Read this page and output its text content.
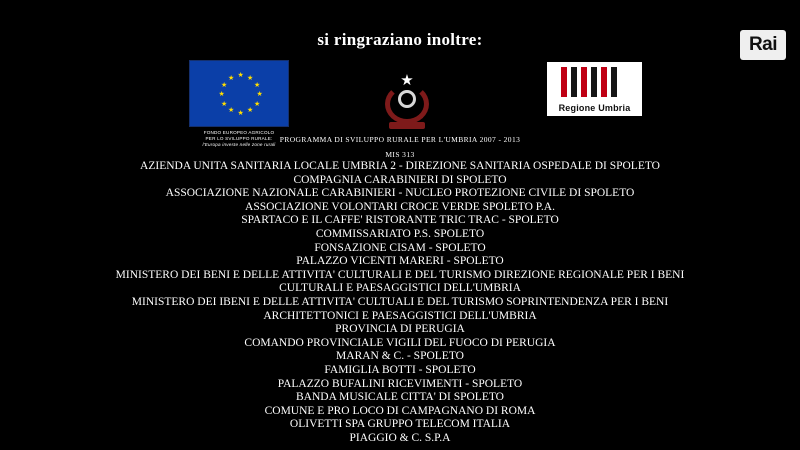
si ringraziano inoltre:
★ ★
★
★
★
★
★
★
★
★
★
★
FONDO EUROPEO AGRICOLO
PER LO SVILUPPO RURALE:
l'Europa investe nelle zone rurali
★
Regione Umbria
Rai
PROGRAMMA DI SVILUPPO RURALE PER L'UMBRIA 2007 - 2013
MIS 313
AZIENDA UNITA SANITARIA LOCALE UMBRIA 2 - DIREZIONE SANITARIA OSPEDALE DI SPOLETO
COMPAGNIA CARABINIERI DI SPOLETO
ASSOCIAZIONE NAZIONALE CARABINIERI - NUCLEO PROTEZIONE CIVILE DI SPOLETO
ASSOCIAZIONE VOLONTARI CROCE VERDE SPOLETO P.A.
SPARTACO E IL CAFFE' RISTORANTE TRIC TRAC - SPOLETO
COMMISSARIATO P.S. SPOLETO
FONSAZIONE CISAM - SPOLETO
PALAZZO VICENTI MARERI - SPOLETO
MINISTERO DEI BENI E DELLE ATTIVITA' CULTURALI E DEL TURISMO DIREZIONE REGIONALE PER I BENI
CULTURALI E PAESAGGISTICI DELL'UMBRIA
MINISTERO DEI IBENI E DELLE ATTIVITA' CULTUALI E DEL TURISMO SOPRINTENDENZA PER I BENI
ARCHITETTONICI E PAESAGGISTICI DELL'UMBRIA
PROVINCIA DI PERUGIA
COMANDO PROVINCIALE VIGILI DEL FUOCO DI PERUGIA
MARAN & C. - SPOLETO
FAMIGLIA BOTTI - SPOLETO
PALAZZO BUFALINI RICEVIMENTI - SPOLETO
BANDA MUSICALE CITTA' DI SPOLETO
COMUNE E PRO LOCO DI CAMPAGNANO DI ROMA
OLIVETTI SPA GRUPPO TELECOM ITALIA
PIAGGIO & C. S.P.A
